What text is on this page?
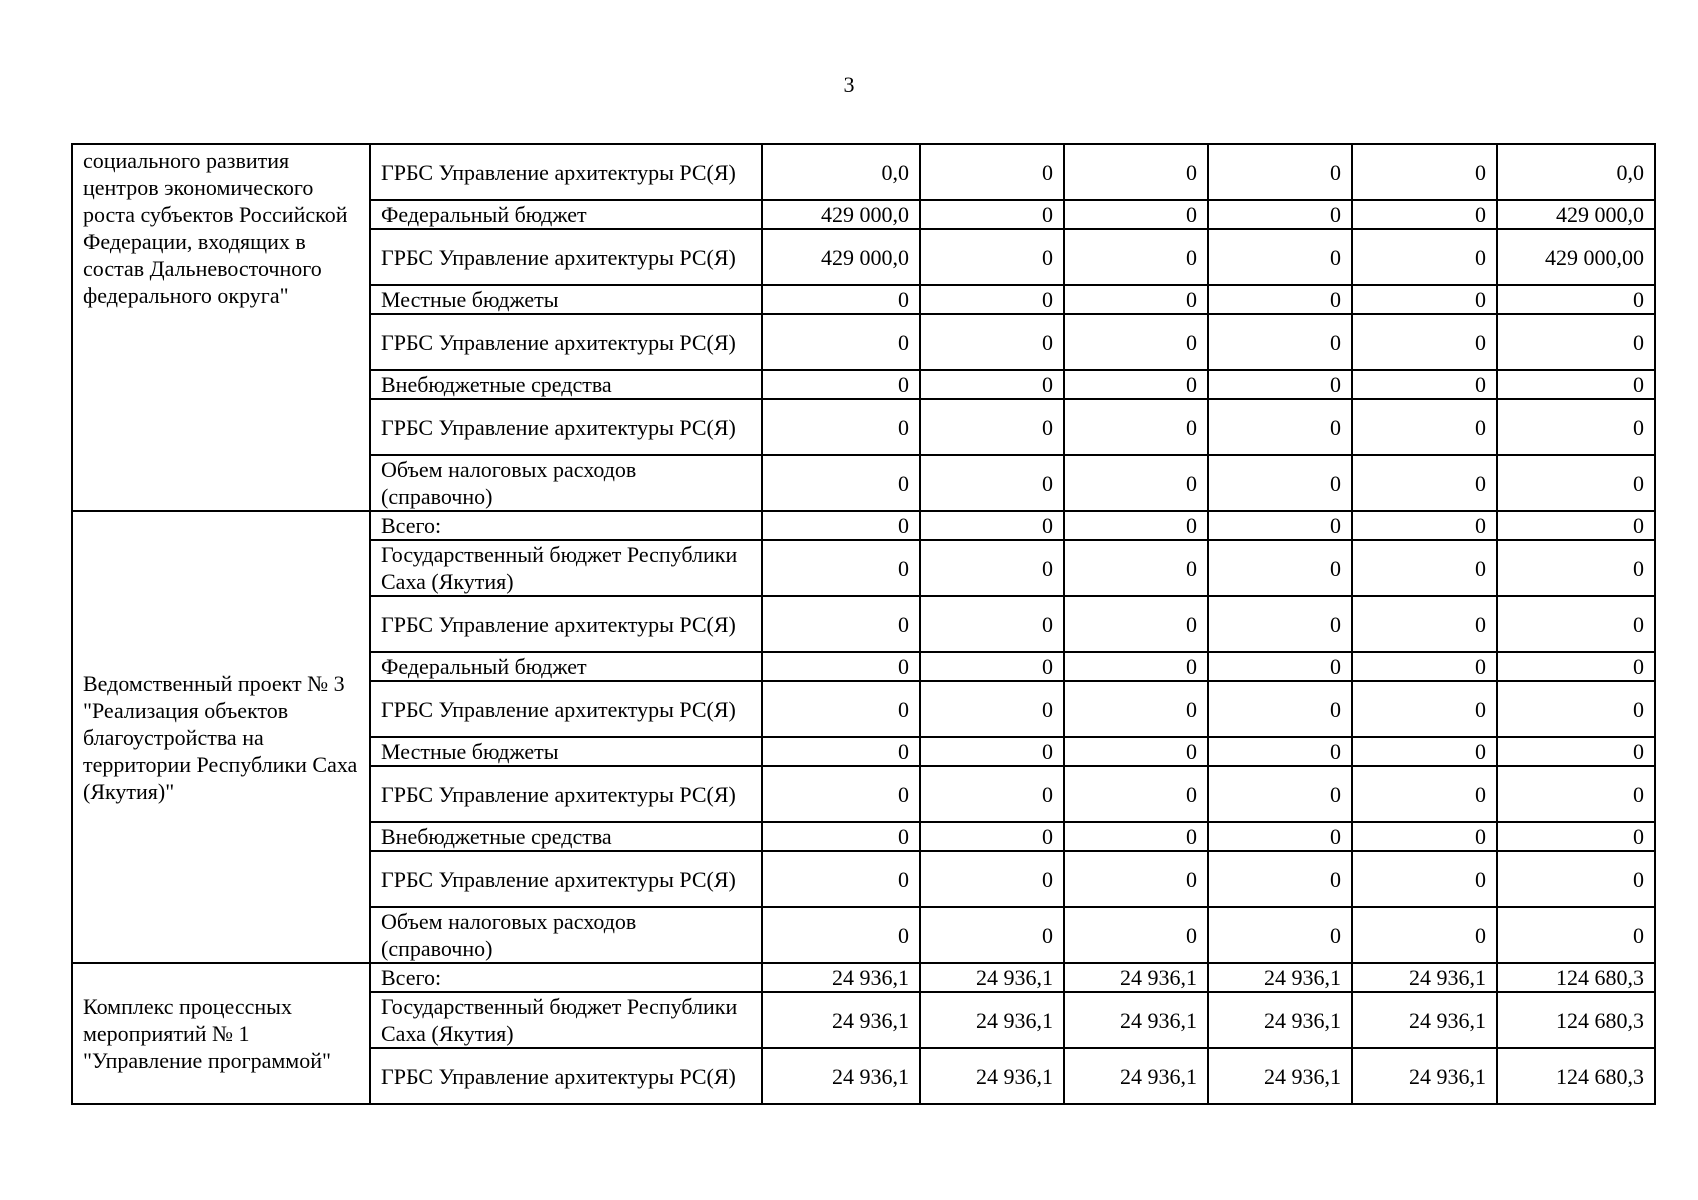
3
социального развития центров экономического роста субъектов Российской Федерации, входящих в состав Дальневосточного федерального округа"	ГРБС Управление архитектуры РС(Я)	0,0	0	0	0	0	0,0
	Федеральный бюджет	429 000,0	0	0	0	0	429 000,0
	ГРБС Управление архитектуры РС(Я)	429 000,0	0	0	0	0	429 000,00
	Местные бюджеты	0	0	0	0	0	0
	ГРБС Управление архитектуры РС(Я)	0	0	0	0	0	0
	Внебюджетные средства	0	0	0	0	0	0
	ГРБС Управление архитектуры РС(Я)	0	0	0	0	0	0
	Объем налоговых расходов (справочно)	0	0	0	0	0	0
Ведомственный проект № 3 "Реализация объектов благоустройства на территории Республики Саха (Якутия)"	Всего:	0	0	0	0	0	0
	Государственный бюджет Республики Саха (Якутия)	0	0	0	0	0	0
	ГРБС Управление архитектуры РС(Я)	0	0	0	0	0	0
	Федеральный бюджет	0	0	0	0	0	0
	ГРБС Управление архитектуры РС(Я)	0	0	0	0	0	0
	Местные бюджеты	0	0	0	0	0	0
	ГРБС Управление архитектуры РС(Я)	0	0	0	0	0	0
	Внебюджетные средства	0	0	0	0	0	0
	ГРБС Управление архитектуры РС(Я)	0	0	0	0	0	0
	Объем налоговых расходов (справочно)	0	0	0	0	0	0
Комплекс процессных мероприятий № 1 "Управление программой"	Всего:	24 936,1	24 936,1	24 936,1	24 936,1	24 936,1	124 680,3
	Государственный бюджет Республики Саха (Якутия)	24 936,1	24 936,1	24 936,1	24 936,1	24 936,1	124 680,3
	ГРБС Управление архитектуры РС(Я)	24 936,1	24 936,1	24 936,1	24 936,1	24 936,1	124 680,3
